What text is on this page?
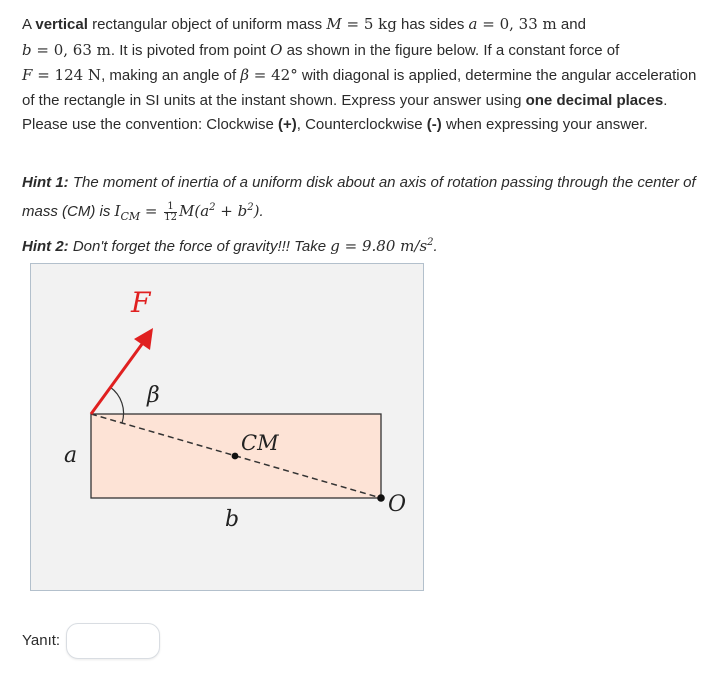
A vertical rectangular object of uniform mass M = 5 kg has sides a = 0, 33 m and
b = 0, 63 m. It is pivoted from point O as shown in the figure below. If a constant force of
F = 124 N, making an angle of β = 42° with diagonal is applied, determine the angular acceleration of the rectangle in SI units at the instant shown. Express your answer using one decimal places. Please use the convention: Clockwise (+), Counterclockwise (-) when expressing your answer.

Hint 1: The moment of inertia of a uniform disk about an axis of rotation passing through the center of mass (CM) is $I_{CM} = \frac{1}{12} M(a^2 + b^2)$.

Hint 2: Don't forget the force of gravity!!! Take g = 9.80 $m/s^2$.

F
β
CM
a
b
O

Yanıt:
